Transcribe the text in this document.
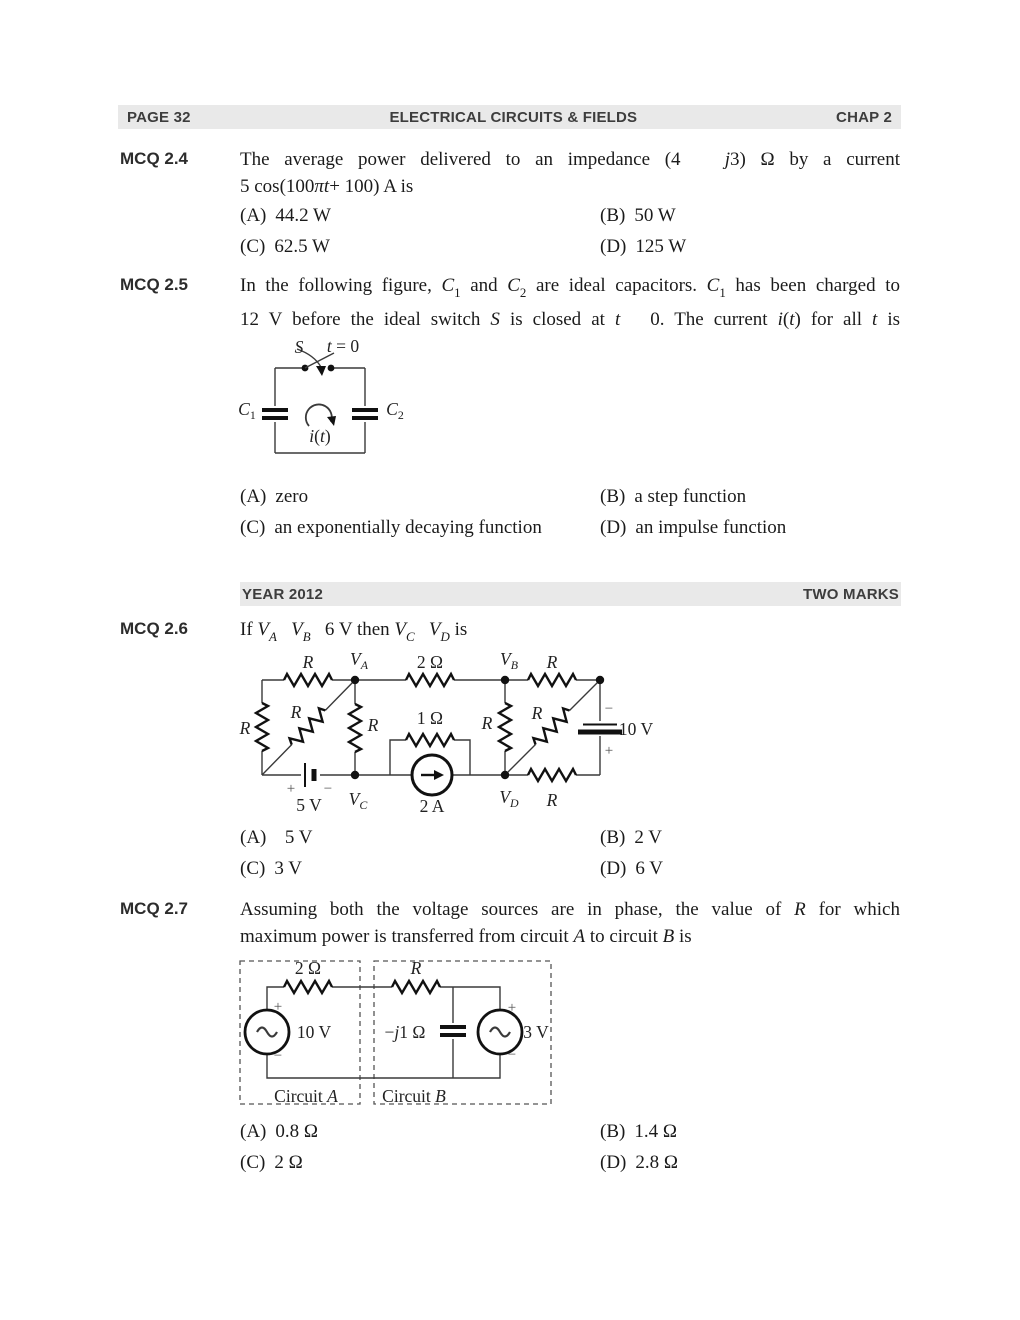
PAGE 32	ELECTRICAL CIRCUITS & FIELDS	CHAP 2
MCQ 2.4	The average power delivered to an impedance (4   j3) Ω by a current
5 cos(100πt+ 100) A is
(A) 44.2 W	(B) 50 W
(C) 62.5 W	(D) 125 W
MCQ 2.5	In the following figure, $C_1$ and $C_2$ are ideal capacitors. $C_1$ has been charged to
12 V before the ideal switch S is closed at t   0. The current i(t) for all t is
S t = 0
$C_1$	$C_2$
i(t)
(A) zero	(B) a step function
(C) an exponentially decaying function	(D) an impulse function
YEAR 2012	TWO MARKS
MCQ 2.6	If $V_A$ $V_B$   6 V then $V_C$ $V_D$ is
R $V_A$	2 Ω	$V_B$ R
R
R
R 1 Ω R R	−
10 V
+
+ −
5 V $V_C$	2 A	$V_D$ R
(A)  5 V	(B) 2 V
(C) 3 V	(D) 6 V
MCQ 2.7	Assuming both the voltage sources are in phase, the value of R for which
maximum power is transferred from circuit A to circuit B is
2 Ω	R
+
10 V
−
−j1 Ω
+
3 V
−
Circuit A	Circuit B
(A) 0.8 Ω	(B) 1.4 Ω
(C) 2 Ω	(D) 2.8 Ω
